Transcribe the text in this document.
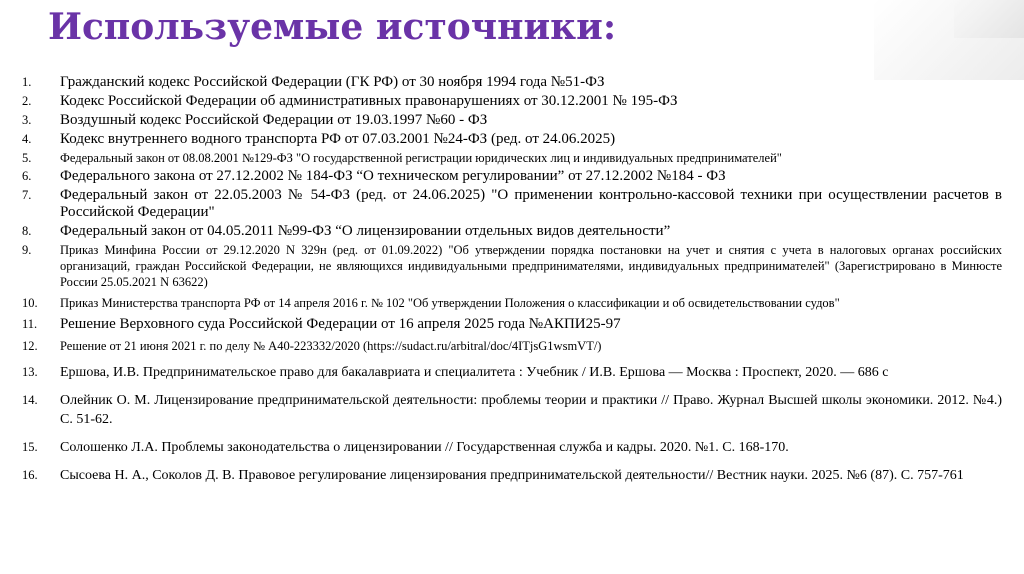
Используемые источники:
1.	Гражданский кодекс Российской Федерации (ГК РФ) от 30 ноября 1994 года №51-ФЗ
2.	Кодекс Российской Федерации об административных правонарушениях от 30.12.2001 № 195-ФЗ
3.	Воздушный кодекс Российской Федерации от 19.03.1997 №60 - ФЗ
4.	Кодекс внутреннего водного транспорта РФ от 07.03.2001 №24-ФЗ (ред. от 24.06.2025)
5.	Федеральный закон от 08.08.2001 №129-ФЗ "О государственной регистрации юридических лиц и индивидуальных предпринимателей"
6.	Федерального закона от 27.12.2002 № 184-ФЗ “О техническом регулировании” от 27.12.2002 №184 - ФЗ
7.	Федеральный закон от 22.05.2003 № 54-ФЗ (ред. от 24.06.2025) "О применении контрольно-кассовой техники при осуществлении расчетов в Российской Федерации"
8.	Федеральный закон от 04.05.2011 №99-ФЗ “О лицензировании отдельных видов деятельности”
9.	Приказ Минфина России от 29.12.2020 N 329н (ред. от 01.09.2022) "Об утверждении порядка постановки на учет и снятия с учета в налоговых органах российских организаций, граждан Российской Федерации, не являющихся индивидуальными предпринимателями, индивидуальных предпринимателей" (Зарегистрировано в Минюсте России 25.05.2021 N 63622)
10.	Приказ Министерства транспорта РФ от 14 апреля 2016 г. № 102 "Об утверждении Положения о классификации и об освидетельствовании судов"
11.	Решение Верховного суда Российской Федерации от 16 апреля 2025 года №АКПИ25-97
12.	Решение от 21 июня 2021 г. по делу № А40-223332/2020 (https://sudact.ru/arbitral/doc/4ITjsG1wsmVT/)
13.	Ершова, И.В. Предпринимательское право для бакалавриата и специалитета : Учебник / И.В. Ершова — Москва : Проспект, 2020. — 686 с
14.	Олейник О. М. Лицензирование предпринимательской деятельности: проблемы теории и практики // Право. Журнал Высшей школы экономики. 2012. №4.) С. 51-62.
15.	Солошенко Л.А. Проблемы законодательства о лицензировании // Государственная служба и кадры. 2020. №1. С. 168-170.
16.	Сысоева Н. А., Соколов Д. В. Правовое регулирование лицензирования предпринимательской деятельности// Вестник науки. 2025. №6 (87). С. 757-761
